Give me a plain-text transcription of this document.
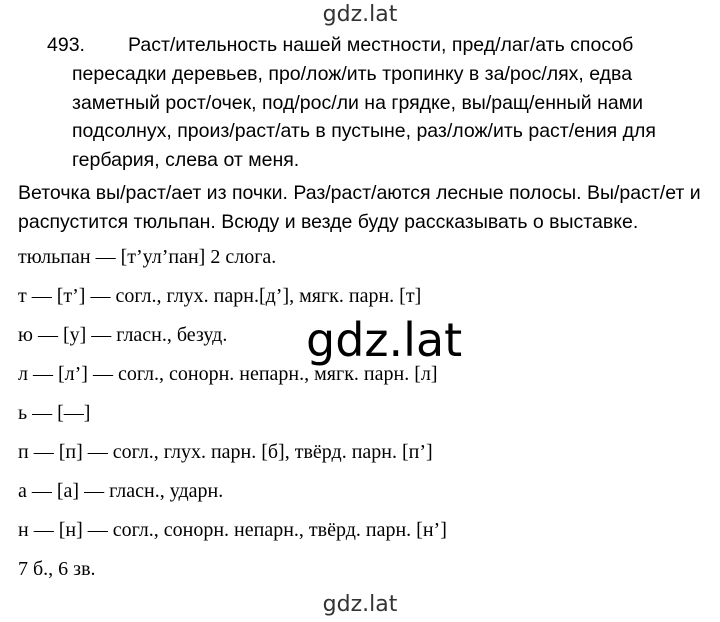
gdz.lat
493. Раст/ительность нашей местности, пред/лаг/ать способ
пересадки деревьев, про/лож/ить тропинку в за/рос/лях, едва
заметный рост/очек, под/рос/ли на грядке, вы/ращ/енный нами
подсолнух, произ/раст/ать в пустыне, раз/лож/ить раст/ения для
гербария, слева от меня.
Веточка вы/раст/ает из почки. Раз/раст/аются лесные полосы. Вы/раст/ет и
распустится тюльпан. Всюду и везде буду рассказывать о выставке.
тюльпан — [т’ул’пан] 2 слога.
т — [т’] — согл., глух. парн.[д’], мягк. парн. [т]
ю — [у] — гласн., безуд.
л — [л’] — согл., сонорн. непарн., мягк. парн. [л]
ь — [—]
п — [п] — согл., глух. парн. [б], твёрд. парн. [п’]
а — [а] — гласн., ударн.
н — [н] — согл., сонорн. непарн., твёрд. парн. [н’]
7 б., 6 зв.
gdz.lat
gdz.lat
